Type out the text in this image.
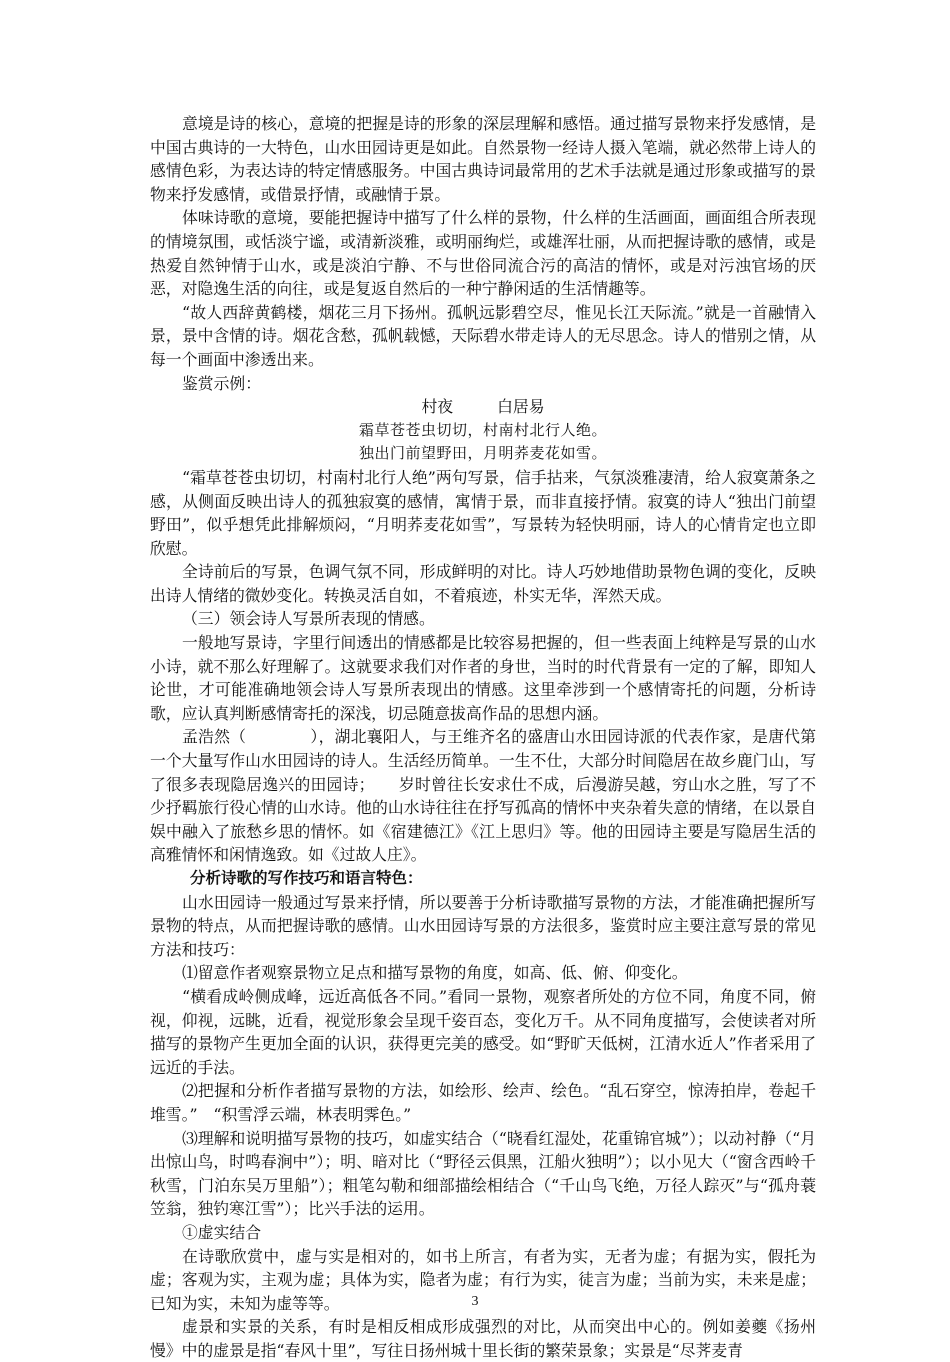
意境是诗的核心，意境的把握是诗的形象的深层理解和感悟。通过描写景物来抒发感情，是中国古典诗的一大特色，山水田园诗更是如此。自然景物一经诗人摄入笔端，就必然带上诗人的感情色彩，为表达诗的特定情感服务。中国古典诗词最常用的艺术手法就是通过形象或描写的景物来抒发感情，或借景抒情，或融情于景。

体味诗歌的意境，要能把握诗中描写了什么样的景物，什么样的生活画面，画面组合所表现的情境氛围，或恬淡宁谧，或清新淡雅，或明丽绚烂，或雄浑壮丽，从而把握诗歌的感情，或是热爱自然钟情于山水，或是淡泊宁静、不与世俗同流合污的高洁的情怀，或是对污浊官场的厌恶，对隐逸生活的向往，或是复返自然后的一种宁静闲适的生活情趣等。

“故人西辞黄鹤楼，烟花三月下扬州。孤帆远影碧空尽，惟见长江天际流。”就是一首融情入景，景中含情的诗。烟花含愁，孤帆载憾，天际碧水带走诗人的无尽思念。诗人的惜别之情，从每一个画面中渗透出来。

鉴赏示例：

村夜	白居易

霜草苍苍虫切切，村南村北行人绝。

独出门前望野田，月明荞麦花如雪。

“霜草苍苍虫切切，村南村北行人绝”两句写景，信手拈来，气氛淡雅凄清，给人寂寞萧条之感，从侧面反映出诗人的孤独寂寞的感情，寓情于景，而非直接抒情。寂寞的诗人“独出门前望野田”，似乎想凭此排解烦闷，“月明荞麦花如雪”，写景转为轻快明丽，诗人的心情肯定也立即欣慰。

全诗前后的写景，色调气氛不同，形成鲜明的对比。诗人巧妙地借助景物色调的变化，反映出诗人情绪的微妙变化。转换灵活自如，不着痕迹，朴实无华，浑然天成。

（三）领会诗人写景所表现的情感。

一般地写景诗，字里行间透出的情感都是比较容易把握的，但一些表面上纯粹是写景的山水小诗，就不那么好理解了。这就要求我们对作者的身世，当时的时代背景有一定的了解，即知人论世，才可能准确地领会诗人写景所表现出的情感。这里牵涉到一个感情寄托的问题，分析诗歌，应认真判断感情寄托的深浅，切忌随意拔高作品的思想内涵。

孟浩然（　　　　），湖北襄阳人，与王维齐名的盛唐山水田园诗派的代表作家，是唐代第一个大量写作山水田园诗的诗人。生活经历简单。一生不仕，大部分时间隐居在故乡鹿门山，写了很多表现隐居逸兴的田园诗；　　岁时曾往长安求仕不成，后漫游吴越，穷山水之胜，写了不少抒羁旅行役心情的山水诗。他的山水诗往往在抒写孤高的情怀中夹杂着失意的情绪，在以景自娱中融入了旅愁乡思的情怀。如《宿建德江》《江上思归》等。他的田园诗主要是写隐居生活的高雅情怀和闲情逸致。如《过故人庄》。

分析诗歌的写作技巧和语言特色：

山水田园诗一般通过写景来抒情，所以要善于分析诗歌描写景物的方法，才能准确把握所写景物的特点，从而把握诗歌的感情。山水田园诗写景的方法很多，鉴赏时应主要注意写景的常见方法和技巧：

⑴留意作者观察景物立足点和描写景物的角度，如高、低、俯、仰变化。

“横看成岭侧成峰，远近高低各不同。”看同一景物，观察者所处的方位不同，角度不同，俯视，仰视，远眺，近看，视觉形象会呈现千姿百态，变化万千。从不同角度描写，会使读者对所描写的景物产生更加全面的认识，获得更完美的感受。如“野旷天低树，江清水近人”作者采用了远近的手法。

⑵把握和分析作者描写景物的方法，如绘形、绘声、绘色。“乱石穿空，惊涛拍岸，卷起千堆雪。”　“积雪浮云端，林表明霁色。”

⑶理解和说明描写景物的技巧，如虚实结合（“晓看红湿处，花重锦官城”）；以动衬静（“月出惊山鸟，时鸣春涧中”）；明、暗对比（“野径云俱黑，江船火独明”）；以小见大（“窗含西岭千秋雪，门泊东吴万里船”）；粗笔勾勒和细部描绘相结合（“千山鸟飞绝，万径人踪灭”与“孤舟蓑笠翁，独钓寒江雪”）；比兴手法的运用。

①虚实结合

在诗歌欣赏中，虚与实是相对的，如书上所言，有者为实，无者为虚；有据为实，假托为虚；客观为实，主观为虚；具体为实，隐者为虚；有行为实，徒言为虚；当前为实，未来是虚；已知为实，未知为虚等等。

虚景和实景的关系，有时是相反相成形成强烈的对比，从而突出中心的。例如姜夔《扬州慢》中的虚景是指“春风十里”，写往日扬州城十里长街的繁荣景象；实景是“尽荠麦青

3
